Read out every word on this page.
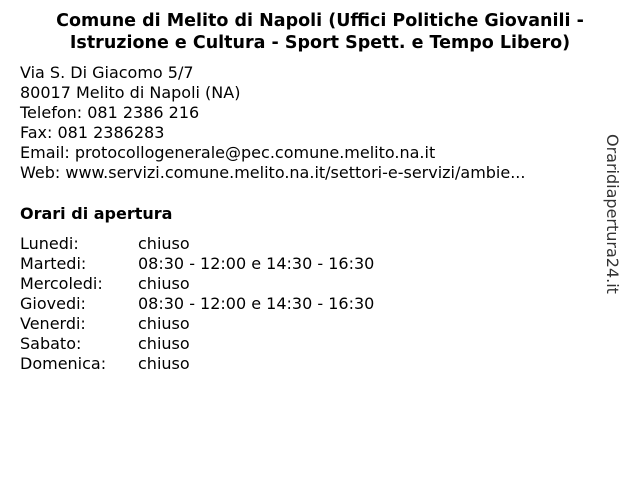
Comune di Melito di Napoli (Uffici Politiche Giovanili -
Istruzione e Cultura - Sport Spett. e Tempo Libero)
Via S. Di Giacomo 5/7
80017 Melito di Napoli (NA)
Telefon: 081 2386 216
Fax: 081 2386283
Email: protocollogenerale@pec.comune.melito.na.it
Web: www.servizi.comune.melito.na.it/settori-e-servizi/ambie...
Orari di apertura
Lunedi:	chiuso
Martedi:	08:30 - 12:00 e 14:30 - 16:30
Mercoledi: chiuso
Giovedi:	08:30 - 12:00 e 14:30 - 16:30
Venerdi:	chiuso
Sabato:	chiuso
Domenica: chiuso
Oraridiapertura24.it
